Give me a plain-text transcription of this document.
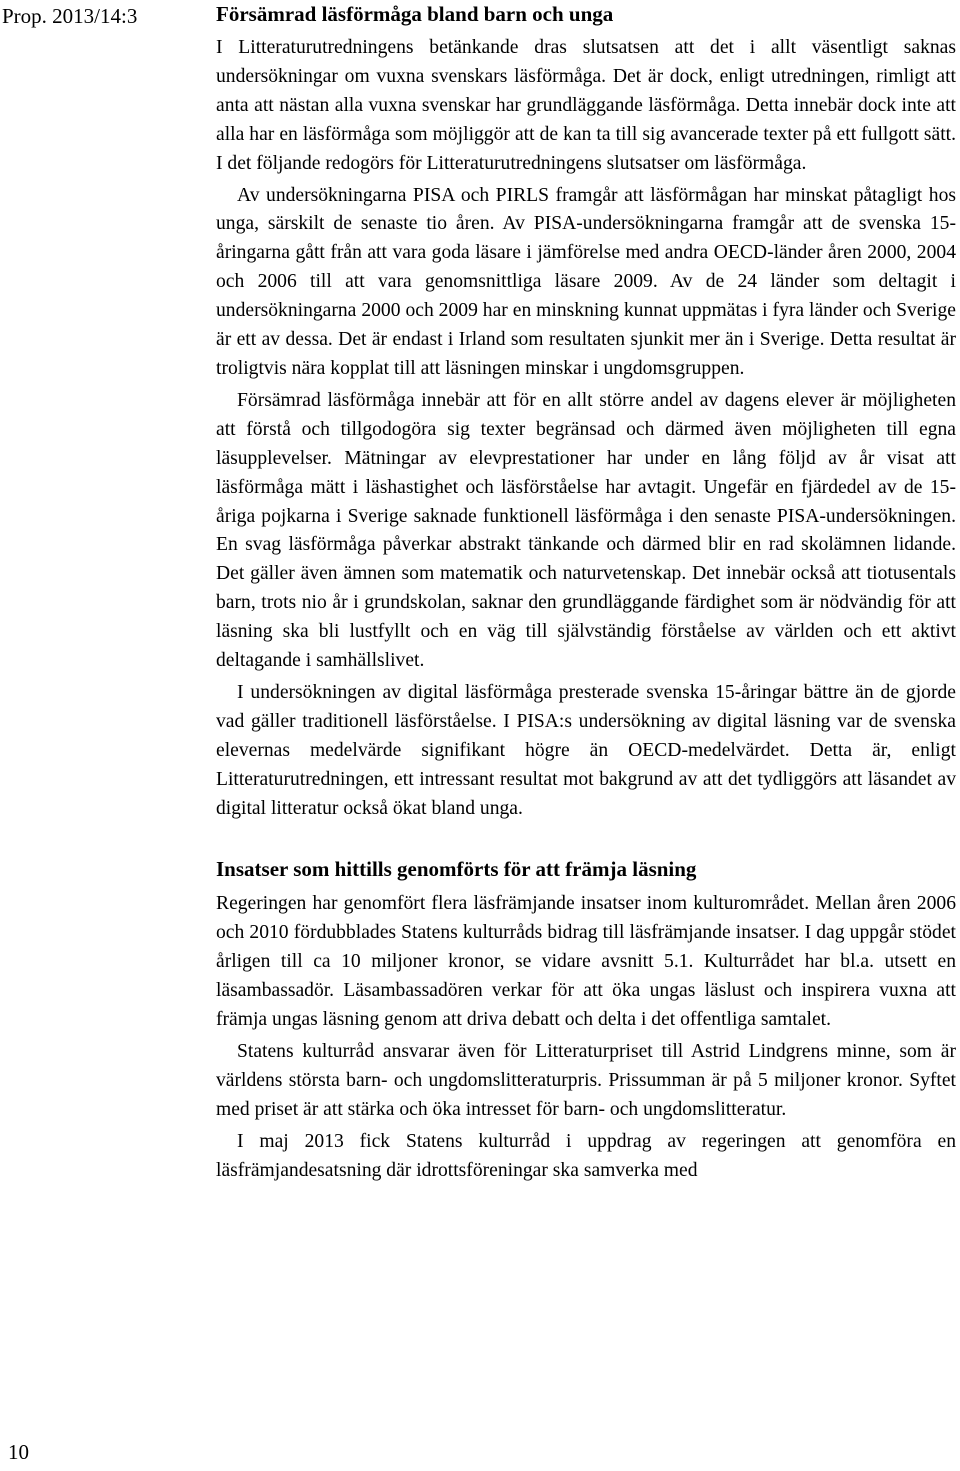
Prop. 2013/14:3	Försämrad läsförmåga bland barn och unga

I Litteraturutredningens betänkande dras slutsatsen att det i allt väsentligt saknas undersökningar om vuxna svenskars läsförmåga. Det är dock, enligt utredningen, rimligt att anta att nästan alla vuxna svenskar har grundläggande läsförmåga. Detta innebär dock inte att alla har en läsförmåga som möjliggör att de kan ta till sig avancerade texter på ett fullgott sätt. I det följande redogörs för Litteraturutredningens slutsatser om läsförmåga.

Av undersökningarna PISA och PIRLS framgår att läsförmågan har minskat påtagligt hos unga, särskilt de senaste tio åren. Av PISA-undersökningarna framgår att de svenska 15-åringarna gått från att vara goda läsare i jämförelse med andra OECD-länder åren 2000, 2004 och 2006 till att vara genomsnittliga läsare 2009. Av de 24 länder som deltagit i undersökningarna 2000 och 2009 har en minskning kunnat uppmätas i fyra länder och Sverige är ett av dessa. Det är endast i Irland som resultaten sjunkit mer än i Sverige. Detta resultat är troligtvis nära kopplat till att läsningen minskar i ungdomsgruppen.

Försämrad läsförmåga innebär att för en allt större andel av dagens elever är möjligheten att förstå och tillgodogöra sig texter begränsad och därmed även möjligheten till egna läsupplevelser. Mätningar av elevprestationer har under en lång följd av år visat att läsförmåga mätt i läshastighet och läsförståelse har avtagit. Ungefär en fjärdedel av de 15-åriga pojkarna i Sverige saknade funktionell läsförmåga i den senaste PISA-undersökningen. En svag läsförmåga påverkar abstrakt tänkande och därmed blir en rad skolämnen lidande. Det gäller även ämnen som matematik och naturvetenskap. Det innebär också att tiotusentals barn, trots nio år i grundskolan, saknar den grundläggande färdighet som är nödvändig för att läsning ska bli lustfyllt och en väg till självständig förståelse av världen och ett aktivt deltagande i samhällslivet.

I undersökningen av digital läsförmåga presterade svenska 15-åringar bättre än de gjorde vad gäller traditionell läsförståelse. I PISA:s undersökning av digital läsning var de svenska elevernas medelvärde signifikant högre än OECD-medelvärdet. Detta är, enligt Litteraturutredningen, ett intressant resultat mot bakgrund av att det tydliggörs att läsandet av digital litteratur också ökat bland unga.

Insatser som hittills genomförts för att främja läsning

Regeringen har genomfört flera läsfrämjande insatser inom kulturområdet. Mellan åren 2006 och 2010 fördubblades Statens kulturråds bidrag till läsfrämjande insatser. I dag uppgår stödet årligen till ca 10 miljoner kronor, se vidare avsnitt 5.1. Kulturrådet har bl.a. utsett en läsambassadör. Läsambassadören verkar för att öka ungas läslust och inspirera vuxna att främja ungas läsning genom att driva debatt och delta i det offentliga samtalet.

Statens kulturråd ansvarar även för Litteraturpriset till Astrid Lindgrens minne, som är världens största barn- och ungdomslitteraturpris. Prissumman är på 5 miljoner kronor. Syftet med priset är att stärka och öka intresset för barn- och ungdomslitteratur.

I maj 2013 fick Statens kulturråd i uppdrag av regeringen att genomföra en läsfrämjandesatsning där idrottsföreningar ska samverka med

10
